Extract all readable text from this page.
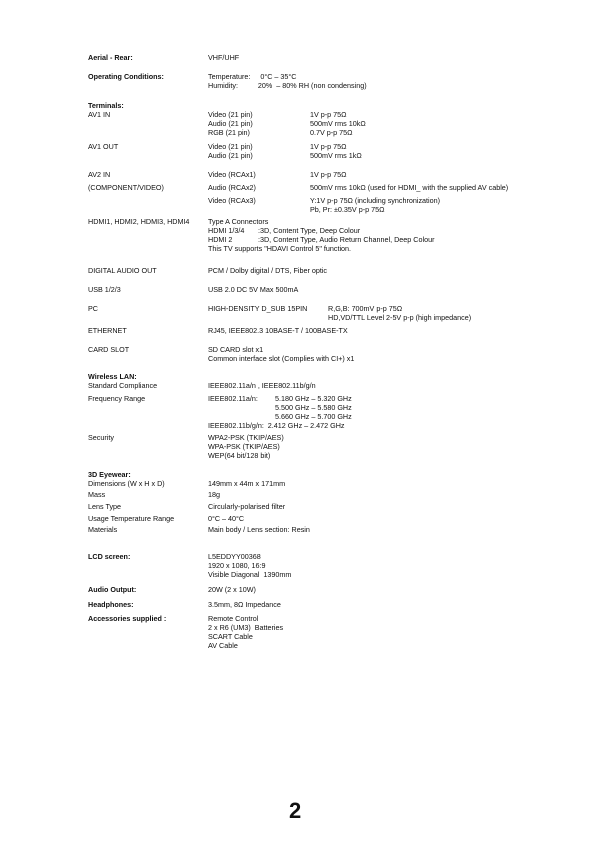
Aerial - Rear:	VHF/UHF
Operating Conditions:	Temperature:     0°C – 35°C
Humidity:          20%  – 80% RH (non condensing)
Terminals:
AV1 IN	Video (21 pin)	1V p-p 75Ω
Audio (21 pin)	500mV rms 10kΩ
RGB (21 pin)	0.7V p-p 75Ω
AV1 OUT	Video (21 pin)	1V p-p 75Ω
Audio (21 pin)	500mV rms 1kΩ
AV2 IN
(COMPONENT/VIDEO)
Video (RCAx1)	1V p-p 75Ω
Audio (RCAx2)	500mV rms 10kΩ (used for HDMI_ with the supplied AV cable)
Video (RCAx3)	Y:1V p-p 75Ω (including synchronization)
Pb, Pr: ±0.35V p-p 75Ω
HDMI1, HDMI2, HDMI3, HDMI4	Type A Connectors
HDMI 1/3/4 :3D, Content Type, Deep Colour
HDMI 2	:3D, Content Type, Audio Return Channel, Deep Colour
This TV supports "HDAVI Control 5" function.
DIGITAL AUDIO OUT	PCM / Dolby digital / DTS, Fiber optic
USB 1/2/3	USB 2.0 DC 5V Max 500mA
PC	HIGH-DENSITY D_SUB 15PIN	R,G,B: 700mV p-p 75Ω
HD,VD/TTL Level 2-5V p-p (high impedance)
ETHERNET	RJ45, IEEE802.3 10BASE-T / 100BASE-TX
CARD SLOT	SD CARD slot x1
Common interface slot (Complies with CI+) x1
Wireless LAN:
Standard Compliance	IEEE802.11a/n , IEEE802.11b/g/n
Frequency Range	IEEE802.11a/n: 5.180 GHz – 5.320 GHz
5.500 GHz – 5.580 GHz
5.660 GHz – 5.700 GHz
IEEE802.11b/g/n:  2.412 GHz – 2.472 GHz
Security	WPA2-PSK (TKIP/AES)
WPA-PSK (TKIP/AES)
WEP(64 bit/128 bit)
3D Eyewear:
Dimensions (W x H x D)	149mm x 44m x 171mm
Mass	18g
Lens Type	Circularly-polarised filter
Usage Temperature Range	0°C – 40°C
Materials	Main body / Lens section: Resin
LCD screen:	L5EDDYY00368
1920 x 1080, 16:9
Visible Diagonal  1390mm
Audio Output:	20W (2 x 10W)
Headphones:	3.5mm, 8Ω Impedance
Accessories supplied :	Remote Control
2 x R6 (UM3)  Batteries
SCART Cable
AV Cable
2
